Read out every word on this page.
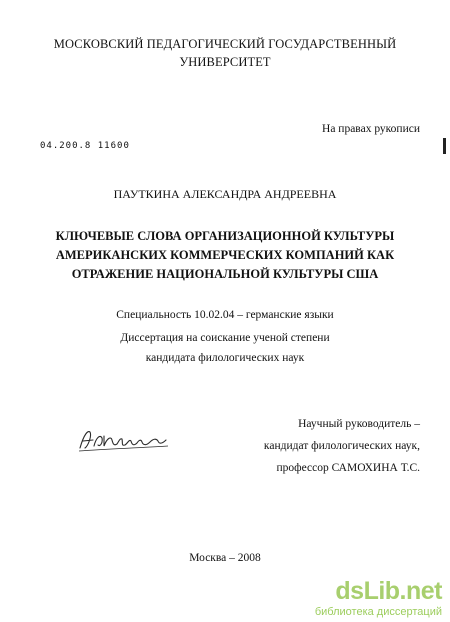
МОСКОВСКИЙ ПЕДАГОГИЧЕСКИЙ ГОСУДАРСТВЕННЫЙ
УНИВЕРСИТЕТ
На правах рукописи
04.200.8 11600
ПАУТКИНА АЛЕКСАНДРА АНДРЕЕВНА
КЛЮЧЕВЫЕ СЛОВА ОРГАНИЗАЦИОННОЙ КУЛЬТУРЫ
АМЕРИКАНСКИХ КОММЕРЧЕСКИХ КОМПАНИЙ КАК
ОТРАЖЕНИЕ НАЦИОНАЛЬНОЙ КУЛЬТУРЫ США
Специальность 10.02.04 – германские языки
Диссертация на соискание ученой степени
кандидата филологических наук
Научный руководитель –
кандидат филологических наук,
профессор САМОХИНА Т.С.
Москва – 2008
dsLib.net
библиотека диссертаций
